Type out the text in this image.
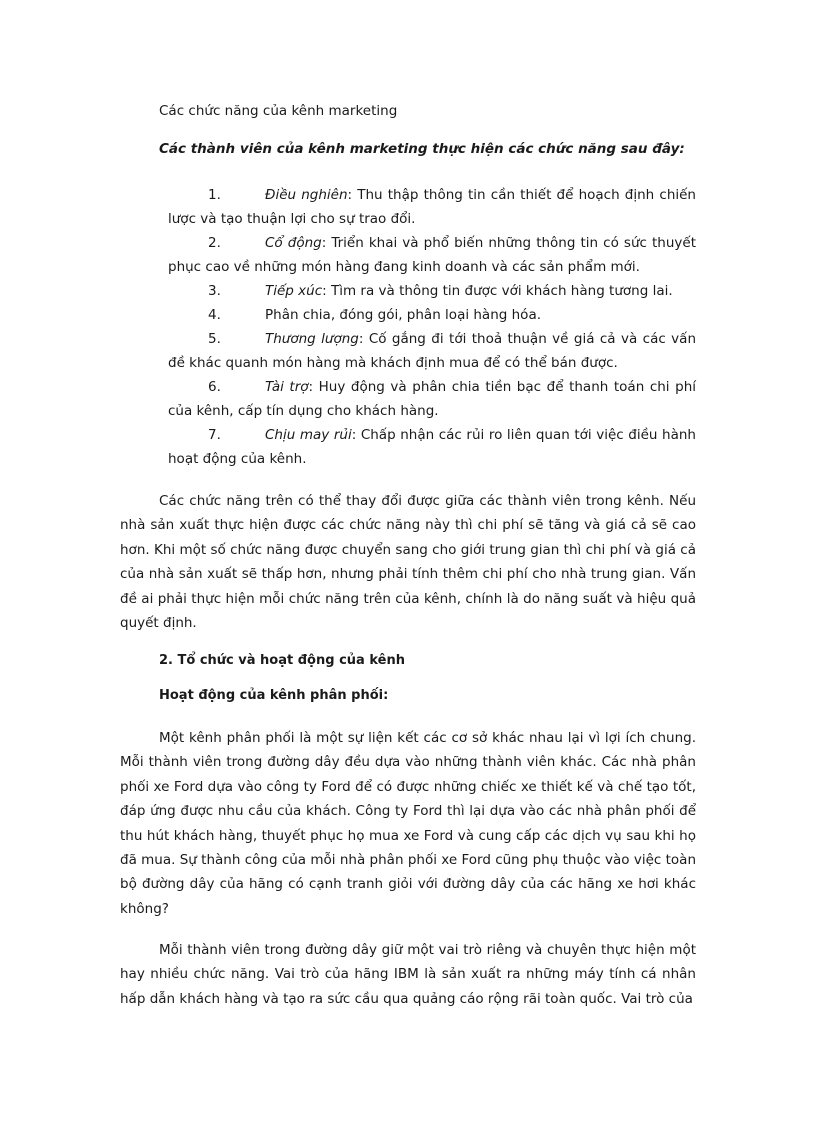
Các chức năng của kênh marketing
Các thành viên của kênh marketing thực hiện các chức năng sau đây:
1.	Điều nghiên: Thu thập thông tin cần thiết để hoạch định chiến lược và tạo thuận lợi cho sự trao đổi.
2.	Cổ động: Triển khai và phổ biến những thông tin có sức thuyết phục cao về những món hàng đang kinh doanh và các sản phẩm mới.
3.	Tiếp xúc: Tìm ra và thông tin được với khách hàng tương lai.
4.	Phân chia, đóng gói, phân loại hàng hóa.
5.	Thương lượng: Cố gắng đi tới thoả thuận về giá cả và các vấn đề khác quanh món hàng mà khách định mua để có thể bán được.
6.	Tài trợ: Huy động và phân chia tiền bạc để thanh toán chi phí của kênh, cấp tín dụng cho khách hàng.
7.	Chịu may rủi: Chấp nhận các rủi ro liên quan tới việc điều hành hoạt động của kênh.

Các chức năng trên có thể thay đổi được giữa các thành viên trong kênh. Nếu nhà sản xuất thực hiện được các chức năng này thì chi phí sẽ tăng và giá cả sẽ cao hơn. Khi một số chức năng được chuyển sang cho giới trung gian thì chi phí và giá cả của nhà sản xuất sẽ thấp hơn, nhưng phải tính thêm chi phí cho nhà trung gian. Vấn đề ai phải thực hiện mỗi chức năng trên của kênh, chính là do năng suất và hiệu quả quyết định.

2. Tổ chức và hoạt động của kênh
Hoạt động của kênh phân phối:

Một kênh phân phối là một sự liện kết các cơ sở khác nhau lại vì lợi ích chung. Mỗi thành viên trong đường dây đều dựa vào những thành viên khác. Các nhà phân phối xe Ford dựa vào công ty Ford để có được những chiếc xe thiết kế và chế tạo tốt, đáp ứng được nhu cầu của khách. Công ty Ford thì lại dựa vào các nhà phân phối để thu hút khách hàng, thuyết phục họ mua xe Ford và cung cấp các dịch vụ sau khi họ đã mua. Sự thành công của mỗi nhà phân phối xe Ford cũng phụ thuộc vào việc toàn bộ đường dây của hãng có cạnh tranh giỏi với đường dây của các hãng xe hơi khác không?

Mỗi thành viên trong đường dây giữ một vai trò riêng và chuyên thực hiện một hay nhiều chức năng. Vai trò của hãng IBM là sản xuất ra những máy tính cá nhân hấp dẫn khách hàng và tạo ra sức cầu qua quảng cáo rộng rãi toàn quốc. Vai trò của
